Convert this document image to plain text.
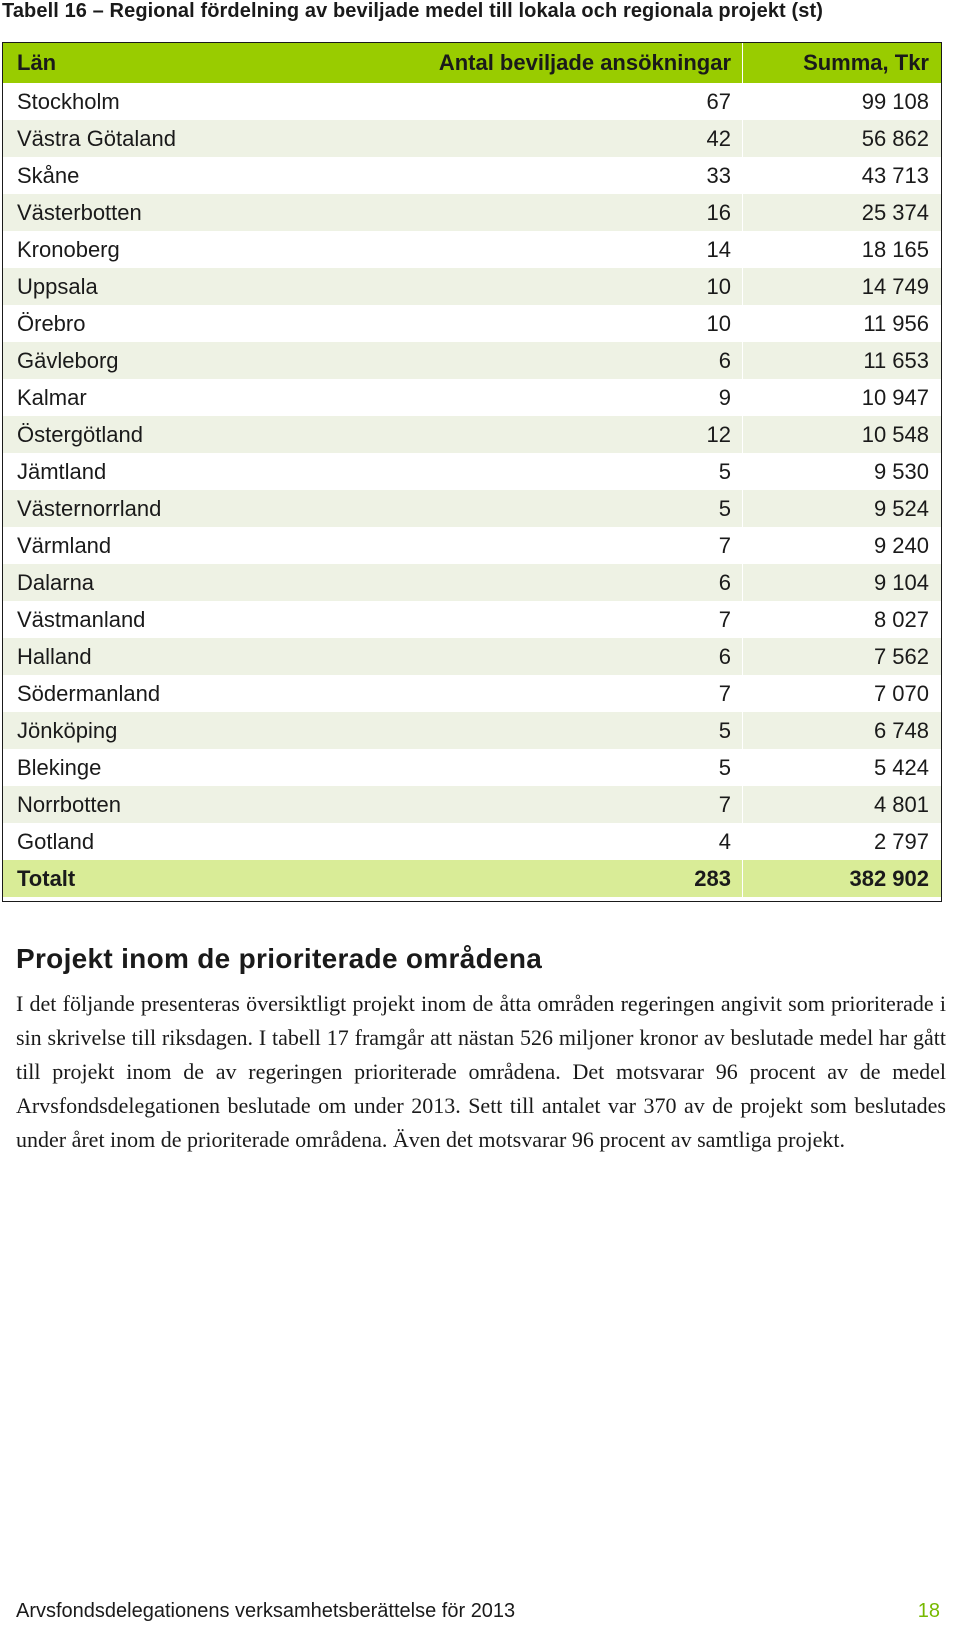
Tabell 16 – Regional fördelning av beviljade medel till lokala och regionala projekt (st)
Län	Antal beviljade ansökningar	Summa, Tkr
Stockholm	67	99 108
Västra Götaland	42	56 862
Skåne	33	43 713
Västerbotten	16	25 374
Kronoberg	14	18 165
Uppsala	10	14 749
Örebro	10	11 956
Gävleborg	6	11 653
Kalmar	9	10 947
Östergötland	12	10 548
Jämtland	5	9 530
Västernorrland	5	9 524
Värmland	7	9 240
Dalarna	6	9 104
Västmanland	7	8 027
Halland	6	7 562
Södermanland	7	7 070
Jönköping	5	6 748
Blekinge	5	5 424
Norrbotten	7	4 801
Gotland	4	2 797
Totalt	283	382 902
Projekt inom de prioriterade områdena
I det följande presenteras översiktligt projekt inom de åtta områden regeringen angivit som prioriterade i sin skrivelse till riksdagen. I tabell 17 framgår att nästan 526 miljoner kronor av beslutade medel har gått till projekt inom de av regeringen prioriterade områdena. Det motsvarar 96 procent av de medel Arvsfondsdelegationen beslutade om under 2013. Sett till antalet var 370 av de projekt som beslutades under året inom de prioriterade områdena. Även det motsvarar 96 procent av samtliga projekt.
Arvsfondsdelegationens verksamhetsberättelse för 2013	18
